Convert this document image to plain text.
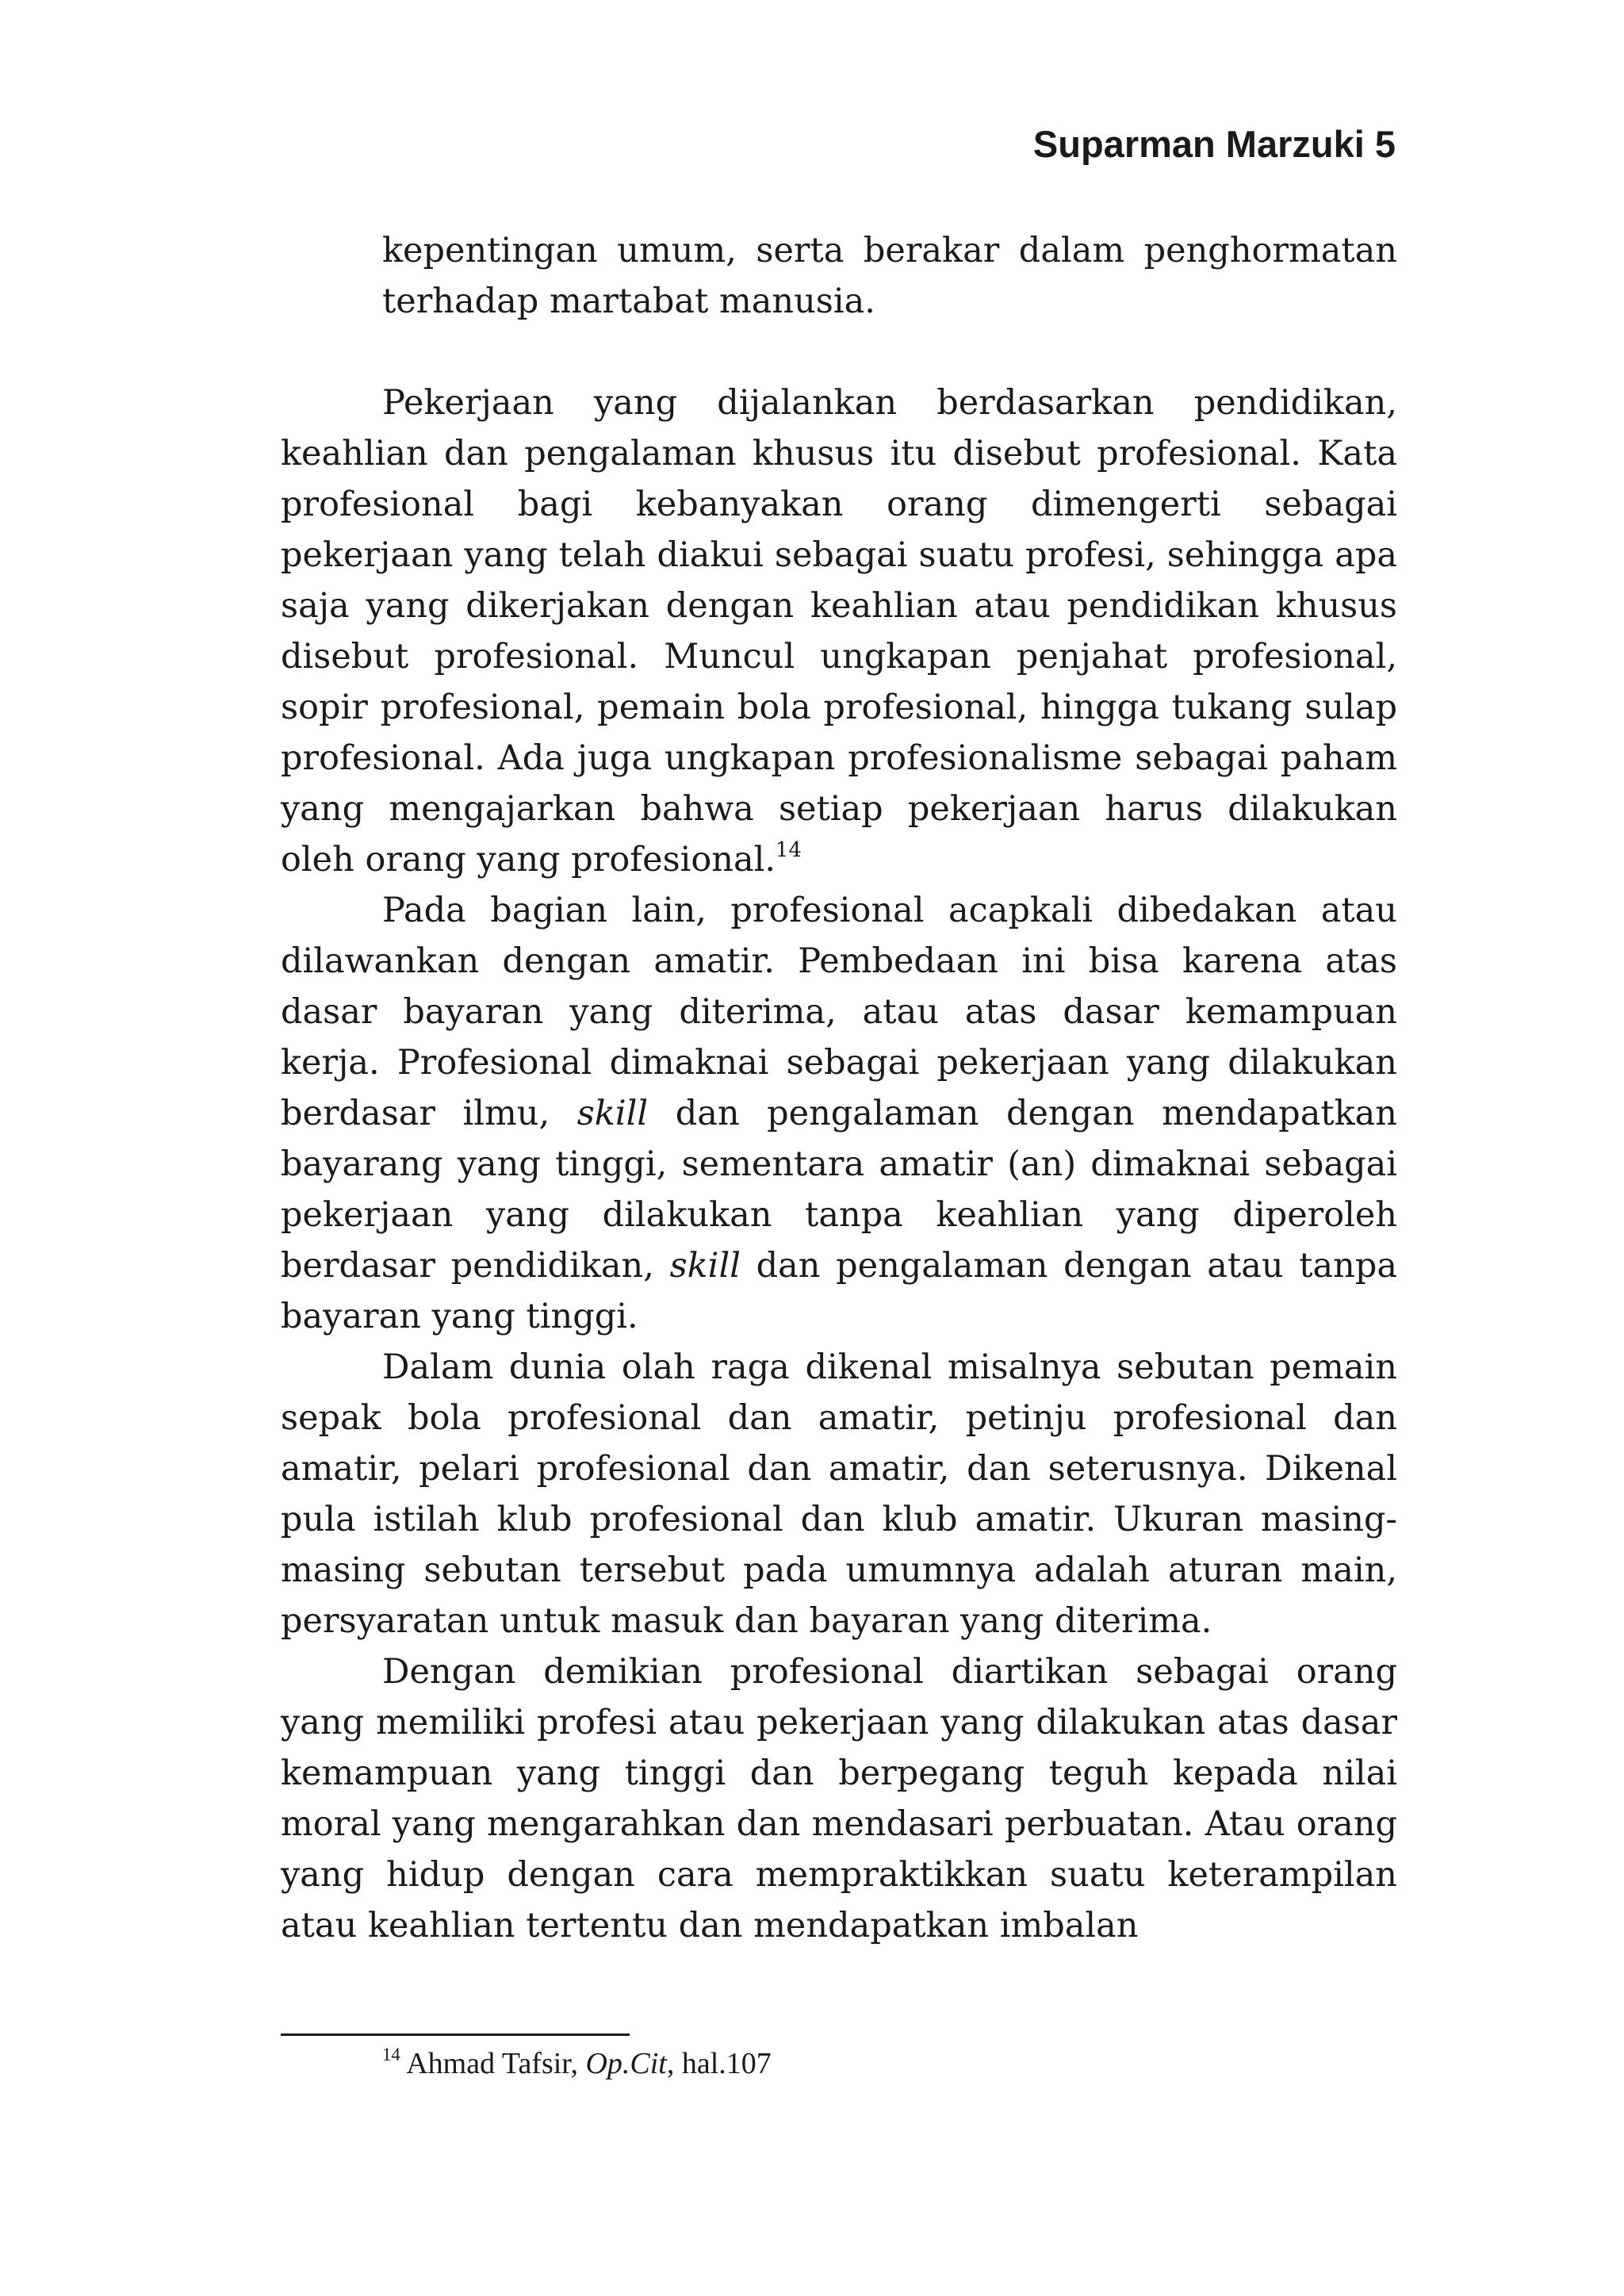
Suparman Marzuki 5

kepentingan umum, serta berakar dalam penghormatan terhadap martabat manusia.

Pekerjaan yang dijalankan berdasarkan pendidikan, keahlian dan pengalaman khusus itu disebut profesional. Kata profesional bagi kebanyakan orang dimengerti sebagai pekerjaan yang telah diakui sebagai suatu profesi, sehingga apa saja yang dikerjakan dengan keahlian atau pendidikan khusus disebut profesional. Muncul ungkapan penjahat profesional, sopir profesional, pemain bola profesional, hingga tukang sulap profesional. Ada juga ungkapan profesionalisme sebagai paham yang mengajarkan bahwa setiap pekerjaan harus dilakukan oleh orang yang profesional.$^{14}$

Pada bagian lain, profesional acapkali dibedakan atau dilawankan dengan amatir. Pembedaan ini bisa karena atas dasar bayaran yang diterima, atau atas dasar kemampuan kerja. Profesional dimaknai sebagai pekerjaan yang dilakukan berdasar ilmu, skill dan pengalaman dengan mendapatkan bayarang yang tinggi, sementara amatir (an) dimaknai sebagai pekerjaan yang dilakukan tanpa keahlian yang diperoleh berdasar pendidikan, skill dan pengalaman dengan atau tanpa bayaran yang tinggi.

Dalam dunia olah raga dikenal misalnya sebutan pemain sepak bola profesional dan amatir, petinju profesional dan amatir, pelari profesional dan amatir, dan seterusnya. Dikenal pula istilah klub profesional dan klub amatir. Ukuran masing-masing sebutan tersebut pada umumnya adalah aturan main, persyaratan untuk masuk dan bayaran yang diterima.

Dengan demikian profesional diartikan sebagai orang yang memiliki profesi atau pekerjaan yang dilakukan atas dasar kemampuan yang tinggi dan berpegang teguh kepada nilai moral yang mengarahkan dan mendasari perbuatan. Atau orang yang hidup dengan cara mempraktikkan suatu keterampilan atau keahlian tertentu dan mendapatkan imbalan

$^{14}$ Ahmad Tafsir, Op.Cit, hal.107
